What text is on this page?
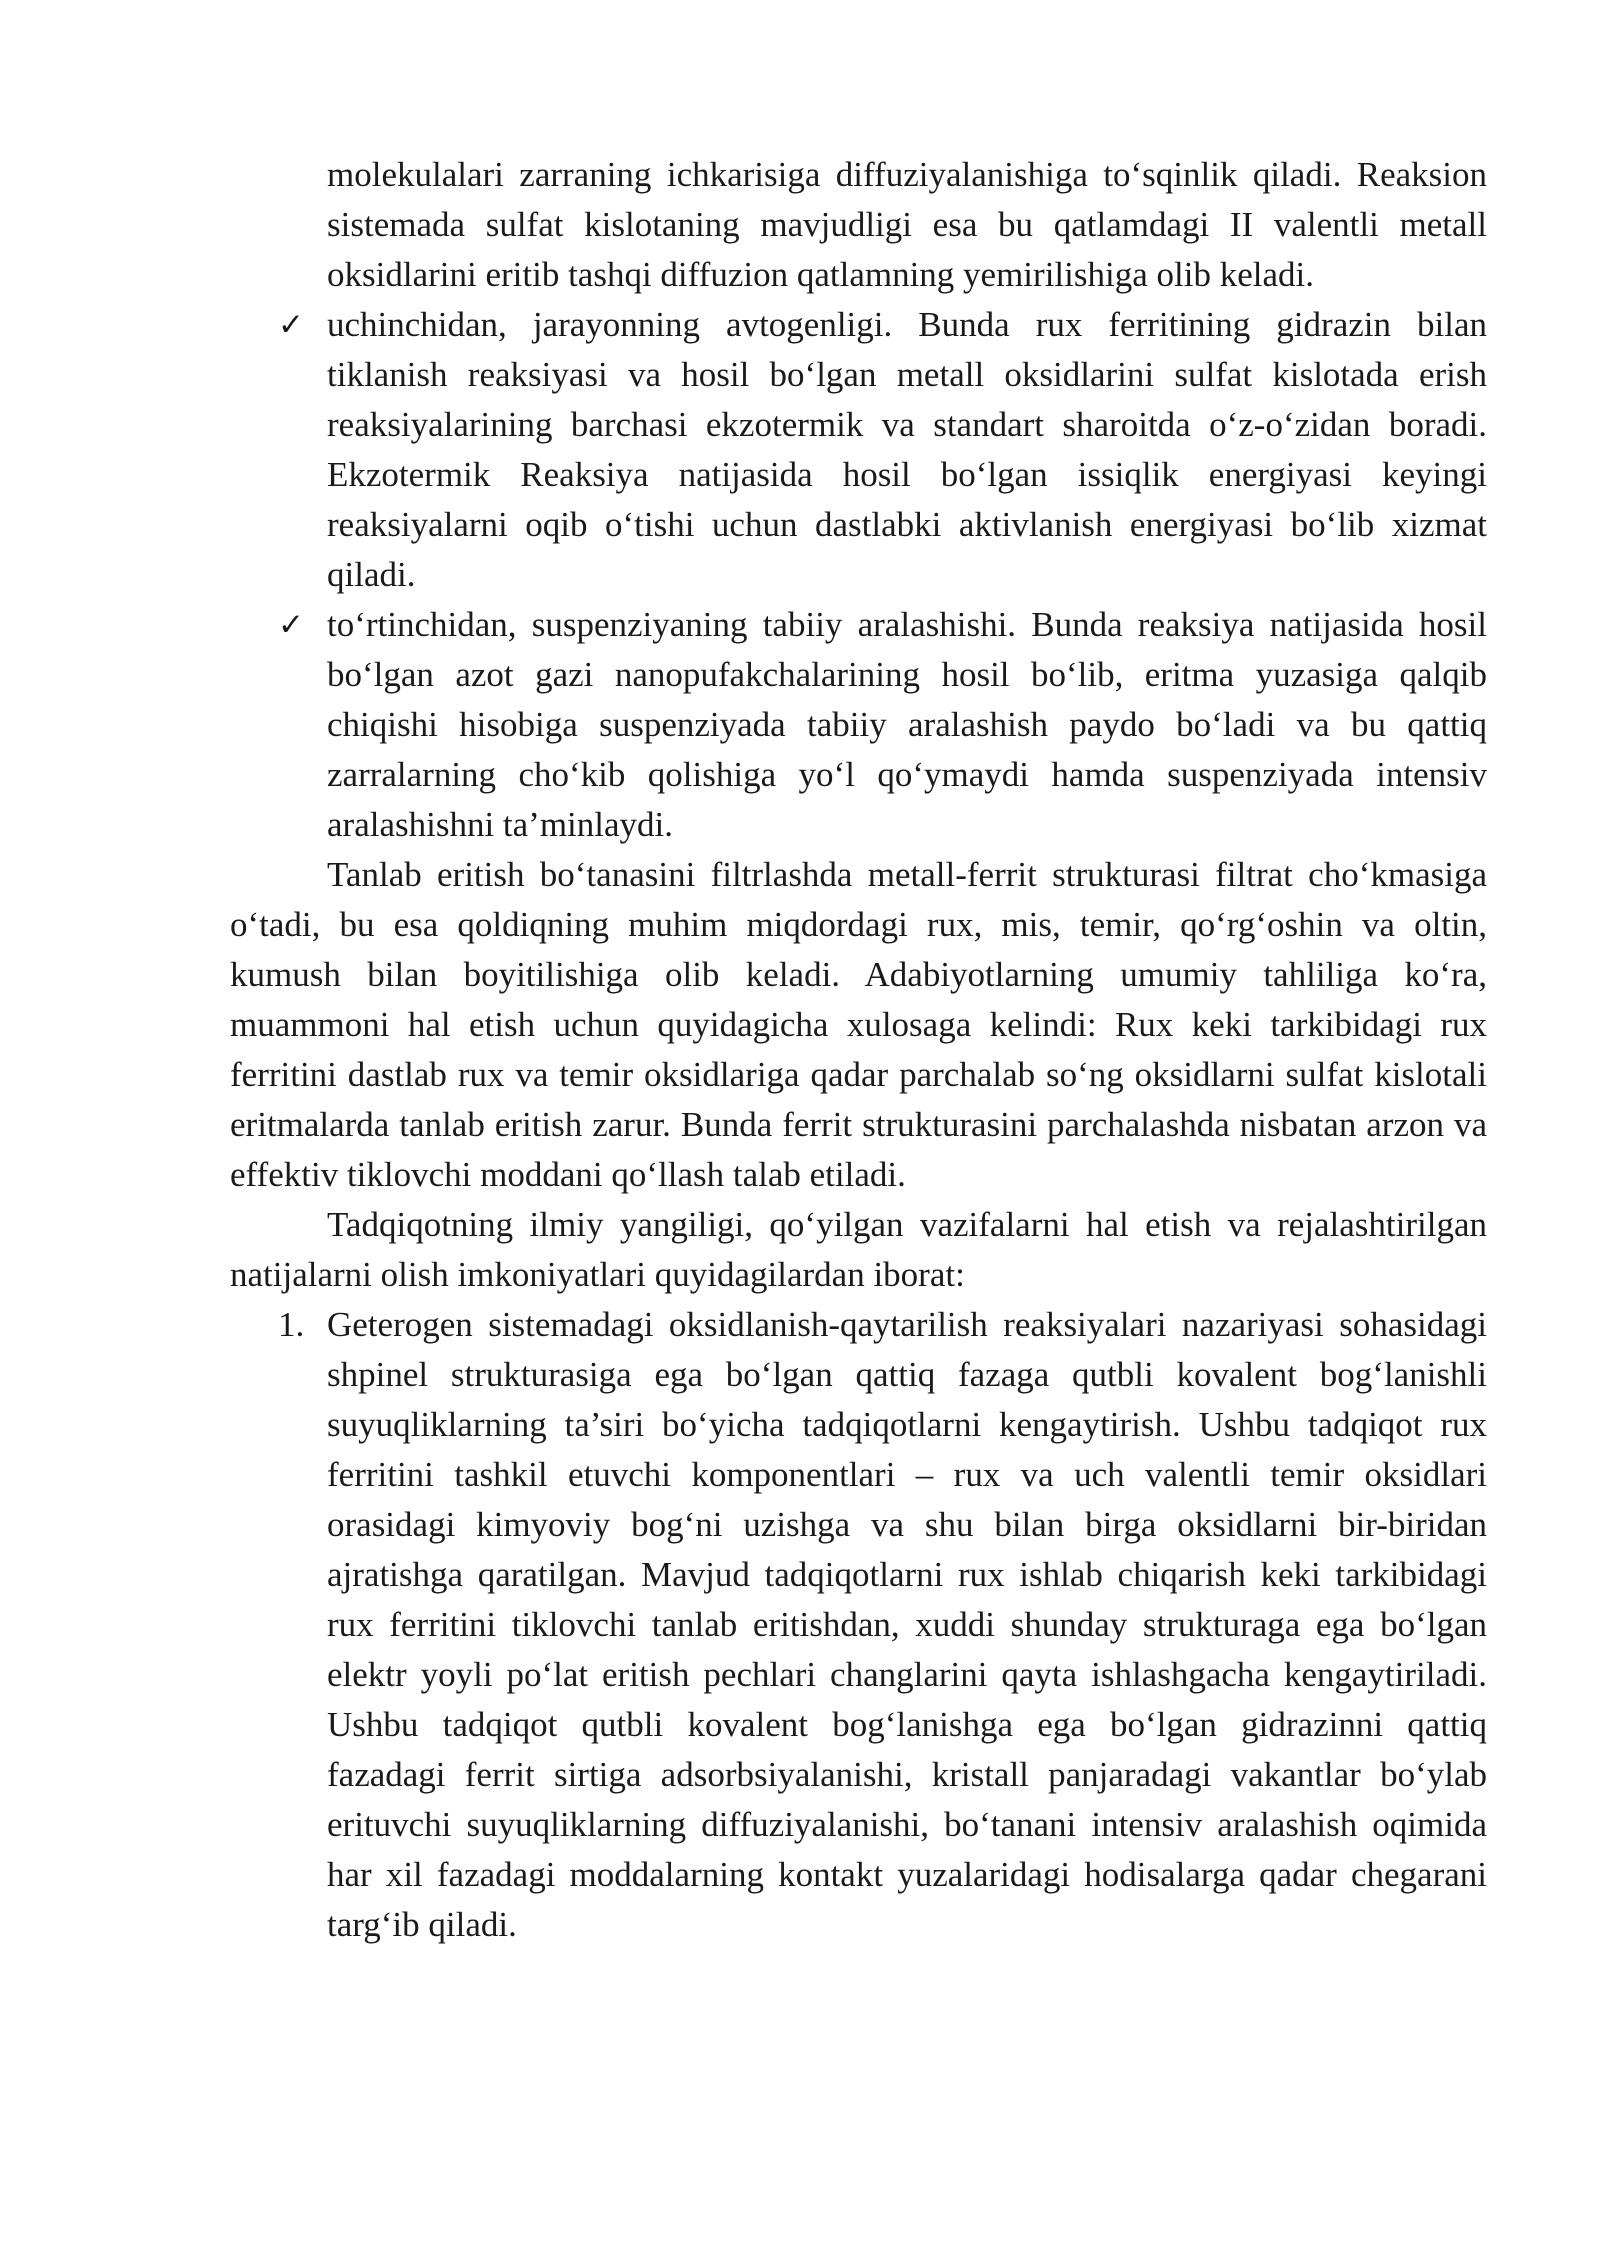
molekulalari zarraning ichkarisiga diffuziyalanishiga to‘sqinlik qiladi. Reaksion sistemada sulfat kislotaning mavjudligi esa bu qatlamdagi II valentli metall oksidlarini eritib tashqi diffuzion qatlamning yemirilishiga olib keladi.

✓ uchinchidan, jarayonning avtogenligi. Bunda rux ferritining gidrazin bilan tiklanish reaksiyasi va hosil bo‘lgan metall oksidlarini sulfat kislotada erish reaksiyalarining barchasi ekzotermik va standart sharoitda o‘z-o‘zidan boradi. Ekzotermik Reaksiya natijasida hosil bo‘lgan issiqlik energiyasi keyingi reaksiyalarni oqib o‘tishi uchun dastlabki aktivlanish energiyasi bo‘lib xizmat qiladi.
✓ to‘rtinchidan, suspenziyaning tabiiy aralashishi. Bunda reaksiya natijasida hosil bo‘lgan azot gazi nanopufakchalarining hosil bo‘lib, eritma yuzasiga qalqib chiqishi hisobiga suspenziyada tabiiy aralashish paydo bo‘ladi va bu qattiq zarralarning cho‘kib qolishiga yo‘l qo‘ymaydi hamda suspenziyada intensiv aralashishni ta’minlaydi.

Tanlab eritish bo‘tanasini filtrlashda metall-ferrit strukturasi filtrat cho‘kmasiga o‘tadi, bu esa qoldiqning muhim miqdordagi rux, mis, temir, qo‘rg‘oshin va oltin, kumush bilan boyitilishiga olib keladi. Adabiyotlarning umumiy tahliliga ko‘ra, muammoni hal etish uchun quyidagicha xulosaga kelindi: Rux keki tarkibidagi rux ferritini dastlab rux va temir oksidlariga qadar parchalab so‘ng oksidlarni sulfat kislotali eritmalarda tanlab eritish zarur. Bunda ferrit strukturasini parchalashda nisbatan arzon va effektiv tiklovchi moddani qo‘llash talab etiladi.

Tadqiqotning ilmiy yangiligi, qo‘yilgan vazifalarni hal etish va rejalashtirilgan natijalarni olish imkoniyatlari quyidagilardan iborat:

1. Geterogen sistemadagi oksidlanish-qaytarilish reaksiyalari nazariyasi sohasidagi shpinel strukturasiga ega bo‘lgan qattiq fazaga qutbli kovalent bog‘lanishli suyuqliklarning ta’siri bo‘yicha tadqiqotlarni kengaytirish. Ushbu tadqiqot rux ferritini tashkil etuvchi komponentlari – rux va uch valentli temir oksidlari orasidagi kimyoviy bog‘ni uzishga va shu bilan birga oksidlarni bir-biridan ajratishga qaratilgan. Mavjud tadqiqotlarni rux ishlab chiqarish keki tarkibidagi rux ferritini tiklovchi tanlab eritishdan, xuddi shunday strukturaga ega bo‘lgan elektr yoyli po‘lat eritish pechlari changlarini qayta ishlashgacha kengaytiriladi. Ushbu tadqiqot qutbli kovalent bog‘lanishga ega bo‘lgan gidrazinni qattiq fazadagi ferrit sirtiga adsorbsiyalanishi, kristall panjaradagi vakantlar bo‘ylab erituvchi suyuqliklarning diffuziyalanishi, bo‘tanani intensiv aralashish oqimida har xil fazadagi moddalarning kontakt yuzalaridagi hodisalarga qadar chegarani targ‘ib qiladi.
